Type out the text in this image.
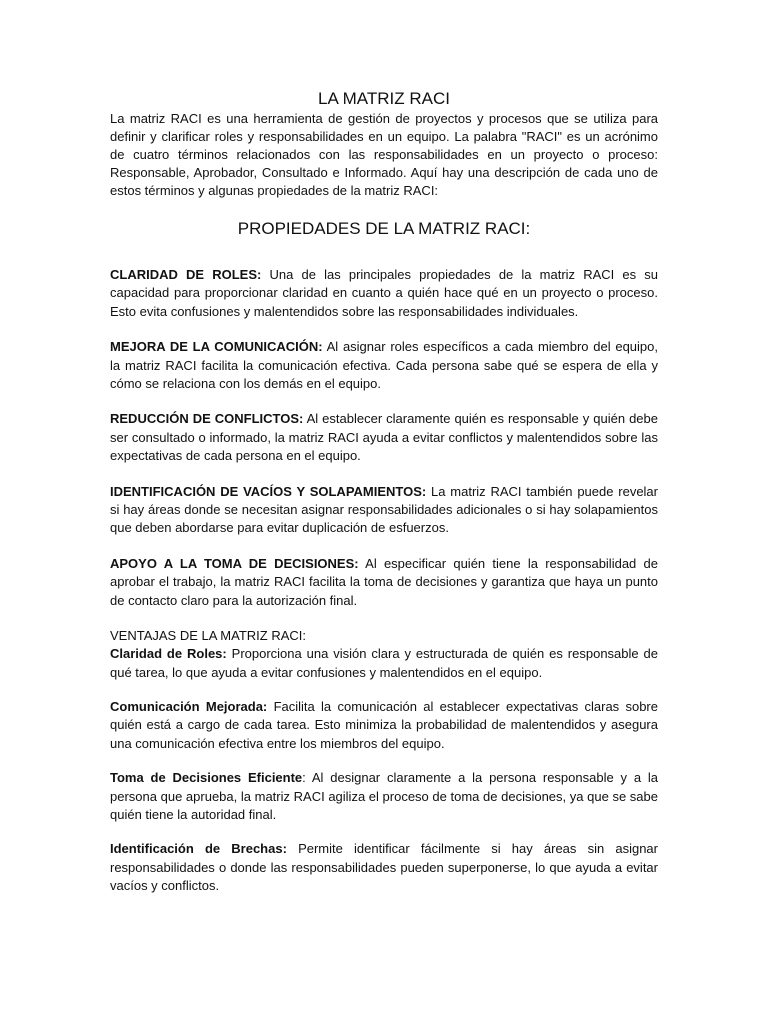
LA MATRIZ RACI

La matriz RACI es una herramienta de gestión de proyectos y procesos que se utiliza para definir y clarificar roles y responsabilidades en un equipo. La palabra "RACI" es un acrónimo de cuatro términos relacionados con las responsabilidades en un proyecto o proceso: Responsable, Aprobador, Consultado e Informado. Aquí hay una descripción de cada uno de estos términos y algunas propiedades de la matriz RACI:

PROPIEDADES DE LA MATRIZ RACI:

CLARIDAD DE ROLES: Una de las principales propiedades de la matriz RACI es su capacidad para proporcionar claridad en cuanto a quién hace qué en un proyecto o proceso. Esto evita confusiones y malentendidos sobre las responsabilidades individuales.

MEJORA DE LA COMUNICACIÓN: Al asignar roles específicos a cada miembro del equipo, la matriz RACI facilita la comunicación efectiva. Cada persona sabe qué se espera de ella y cómo se relaciona con los demás en el equipo.

REDUCCIÓN DE CONFLICTOS: Al establecer claramente quién es responsable y quién debe ser consultado o informado, la matriz RACI ayuda a evitar conflictos y malentendidos sobre las expectativas de cada persona en el equipo.

IDENTIFICACIÓN DE VACÍOS Y SOLAPAMIENTOS: La matriz RACI también puede revelar si hay áreas donde se necesitan asignar responsabilidades adicionales o si hay solapamientos que deben abordarse para evitar duplicación de esfuerzos.

APOYO A LA TOMA DE DECISIONES: Al especificar quién tiene la responsabilidad de aprobar el trabajo, la matriz RACI facilita la toma de decisiones y garantiza que haya un punto de contacto claro para la autorización final.

VENTAJAS DE LA MATRIZ RACI:

Claridad de Roles: Proporciona una visión clara y estructurada de quién es responsable de qué tarea, lo que ayuda a evitar confusiones y malentendidos en el equipo.

Comunicación Mejorada: Facilita la comunicación al establecer expectativas claras sobre quién está a cargo de cada tarea. Esto minimiza la probabilidad de malentendidos y asegura una comunicación efectiva entre los miembros del equipo.

Toma de Decisiones Eficiente: Al designar claramente a la persona responsable y a la persona que aprueba, la matriz RACI agiliza el proceso de toma de decisiones, ya que se sabe quién tiene la autoridad final.

Identificación de Brechas: Permite identificar fácilmente si hay áreas sin asignar responsabilidades o donde las responsabilidades pueden superponerse, lo que ayuda a evitar vacíos y conflictos.
